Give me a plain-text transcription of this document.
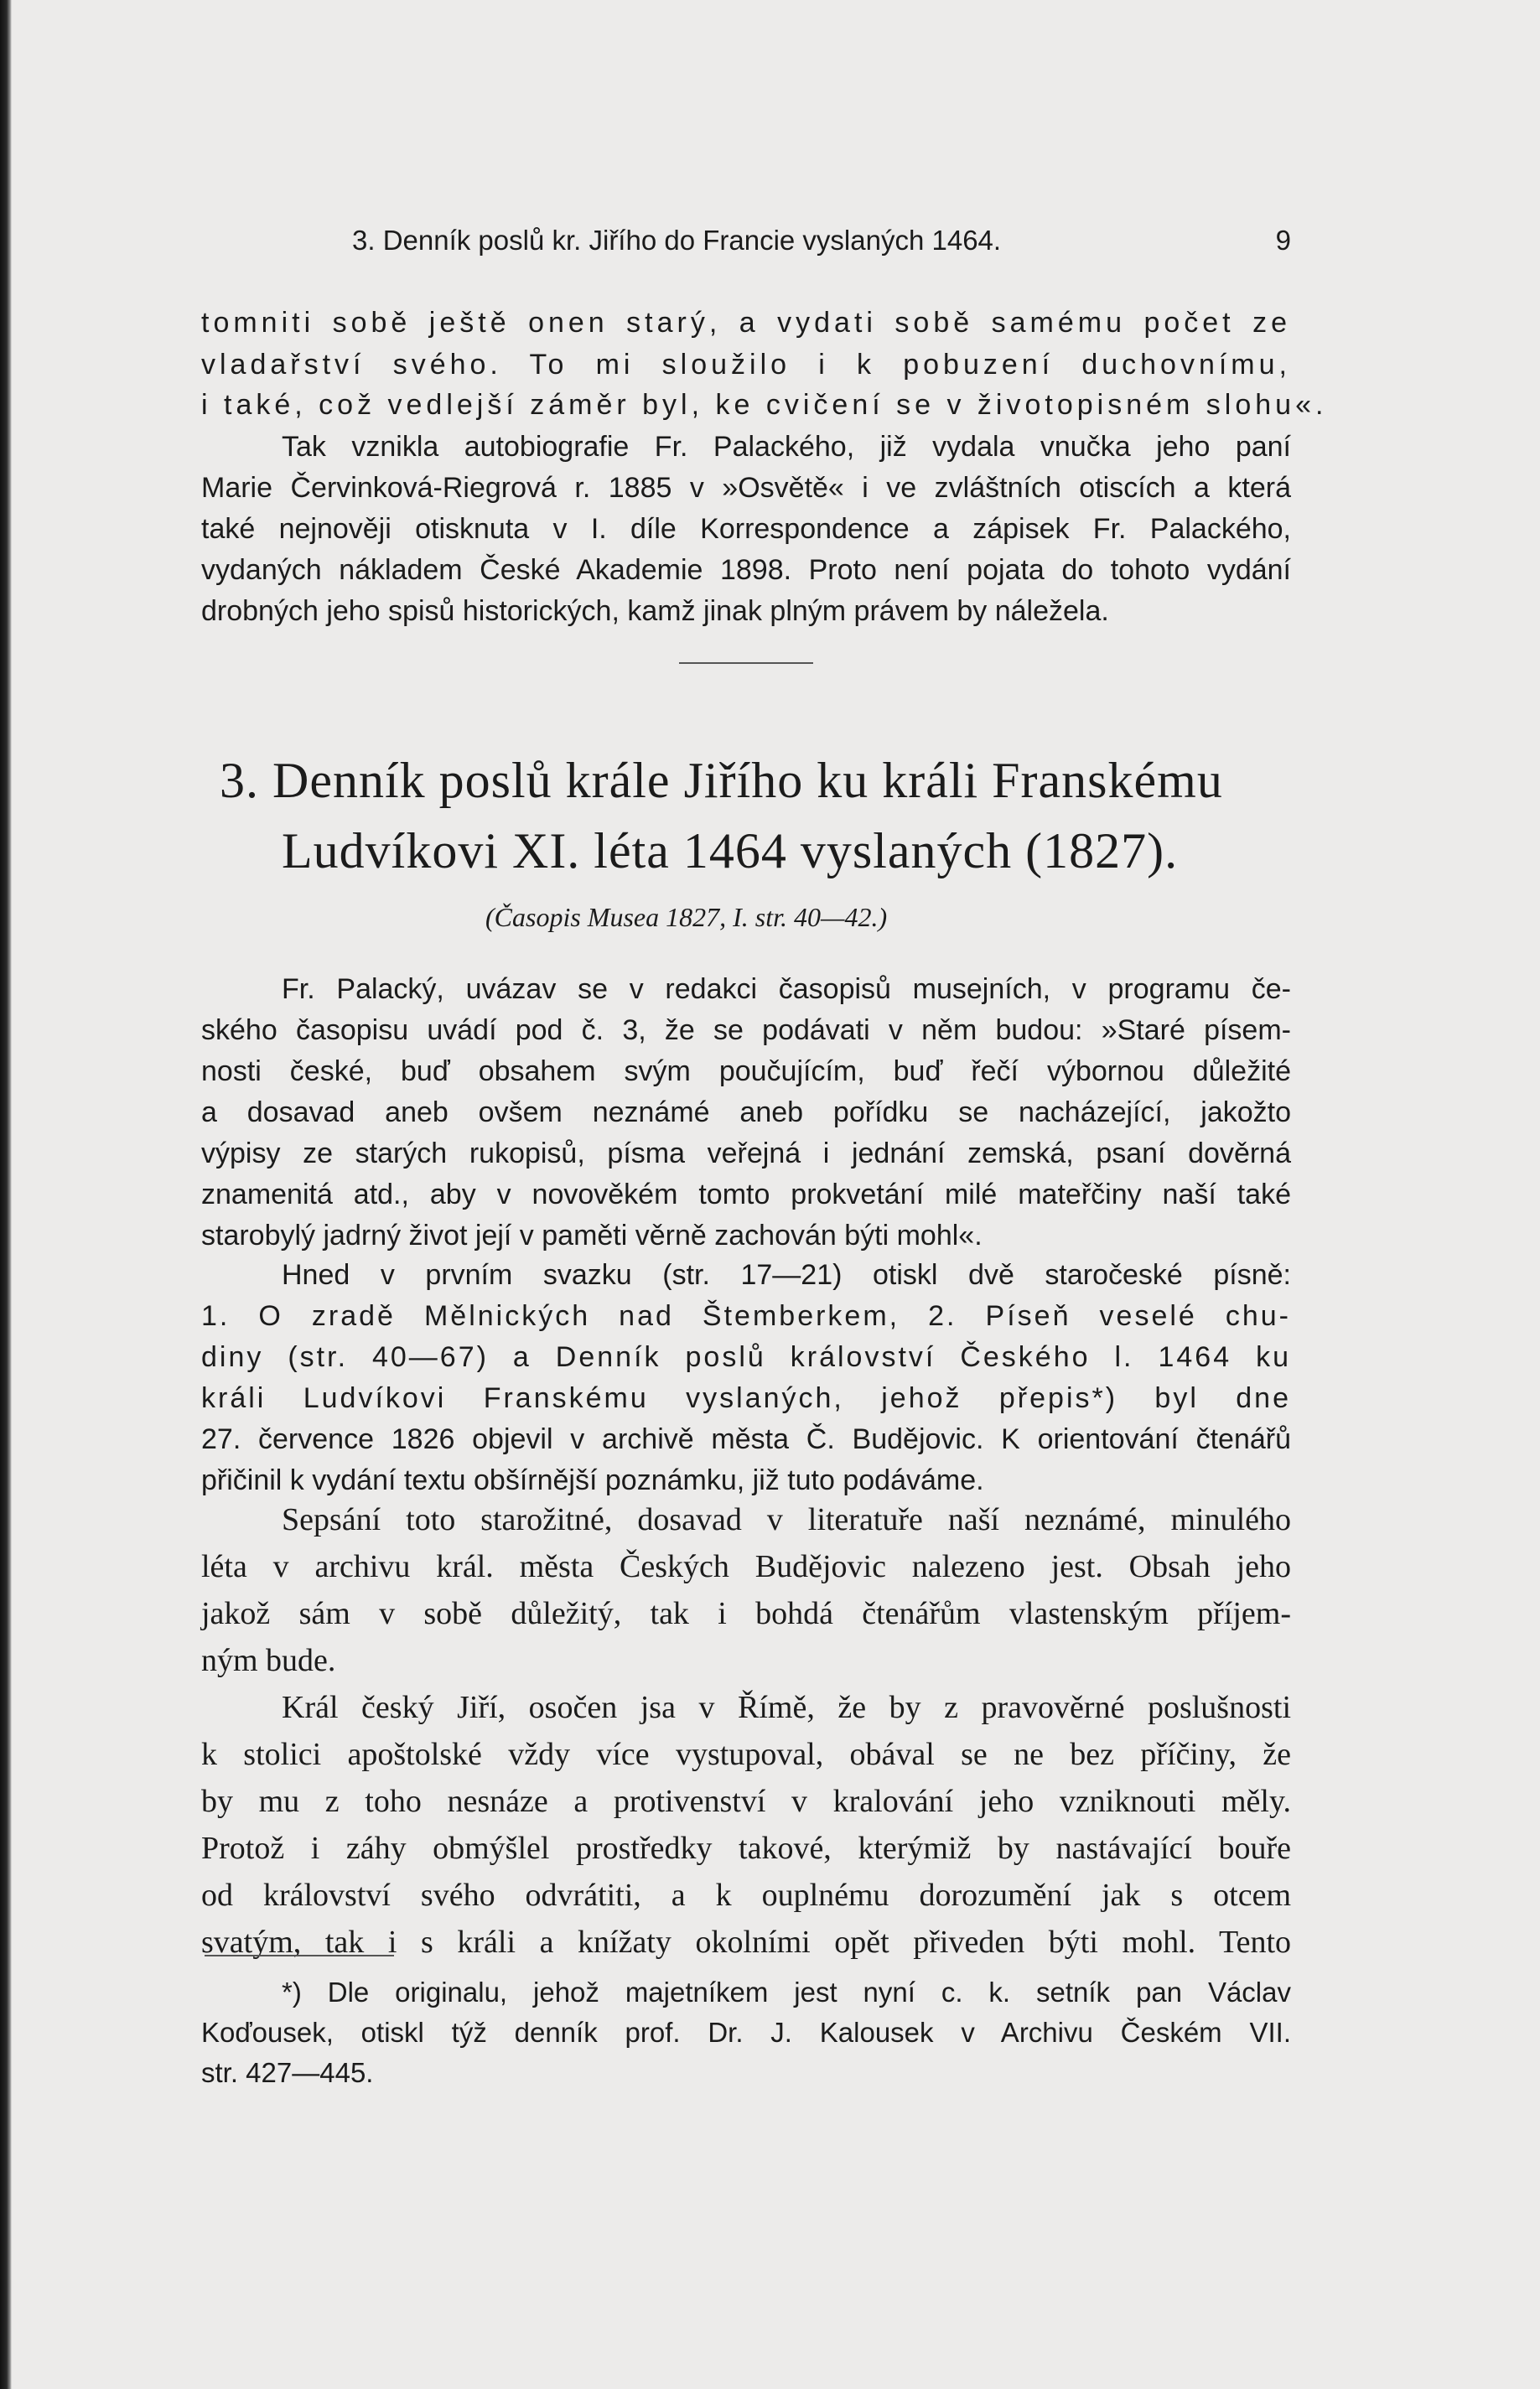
3. Denník poslů kr. Jiřího do Francie vyslaných 1464.	9
tomniti sobě ještě onen starý, a vydati sobě samému počet ze
vladařství svého. To mi sloužilo i k pobuzení duchovnímu,
i také, což vedlejší záměr byl, ke cvičení se v životopisném slohu«.
Tak vznikla autobiografie Fr. Palackého, již vydala vnučka jeho paní
Marie Červinková-Riegrová r. 1885 v »Osvětě« i ve zvláštních otiscích a která
také nejnověji otisknuta v I. díle Korrespondence a zápisek Fr. Palackého,
vydaných nákladem České Akademie 1898. Proto není pojata do tohoto vydání
drobných jeho spisů historických, kamž jinak plným právem by náležela.
3. Denník poslů krále Jiřího ku králi Franskému
Ludvíkovi XI. léta 1464 vyslaných (1827).
(Časopis Musea 1827, I. str. 40—42.)
Fr. Palacký, uvázav se v redakci časopisů musejních, v programu če-
ského časopisu uvádí pod č. 3, že se podávati v něm budou: »Staré písem-
nosti české, buď obsahem svým poučujícím, buď řečí výbornou důležité
a dosavad aneb ovšem neznámé aneb pořídku se nacházející, jakožto
výpisy ze starých rukopisů, písma veřejná i jednání zemská, psaní dověrná
znamenitá atd., aby v novověkém tomto prokvetání milé mateřčiny naší také
starobylý jadrný život její v paměti věrně zachován býti mohl«.
Hned v prvním svazku (str. 17—21) otiskl dvě staročeské písně:
1. O zradě Mělnických nad Štemberkem, 2. Píseň veselé chu-
diny (str. 40—67) a Denník poslů království Českého l. 1464 ku
králi Ludvíkovi Franskému vyslaných, jehož přepis*) byl dne
27. července 1826 objevil v archivě města Č. Budějovic. K orientování čtenářů
přičinil k vydání textu obšírnější poznámku, již tuto podáváme.
Sepsání toto starožitné, dosavad v literatuře naší neznámé, minulého
léta v archivu král. města Českých Budějovic nalezeno jest. Obsah jeho
jakož sám v sobě důležitý, tak i bohdá čtenářům vlastenským příjem-
ným bude.
Král český Jiří, osočen jsa v Římě, že by z pravověrné poslušnosti
k stolici apoštolské vždy více vystupoval, obával se ne bez příčiny, že
by mu z toho nesnáze a protivenství v kralování jeho vzniknouti měly.
Protož i záhy obmýšlel prostředky takové, kterýmiž by nastávající bouře
od království svého odvrátiti, a k ouplnému dorozumění jak s otcem
svatým, tak i s králi a knížaty okolními opět přiveden býti mohl. Tento
*) Dle originalu, jehož majetníkem jest nyní c. k. setník pan Václav
Koďousek, otiskl týž denník prof. Dr. J. Kalousek v Archivu Českém VII.
str. 427—445.
